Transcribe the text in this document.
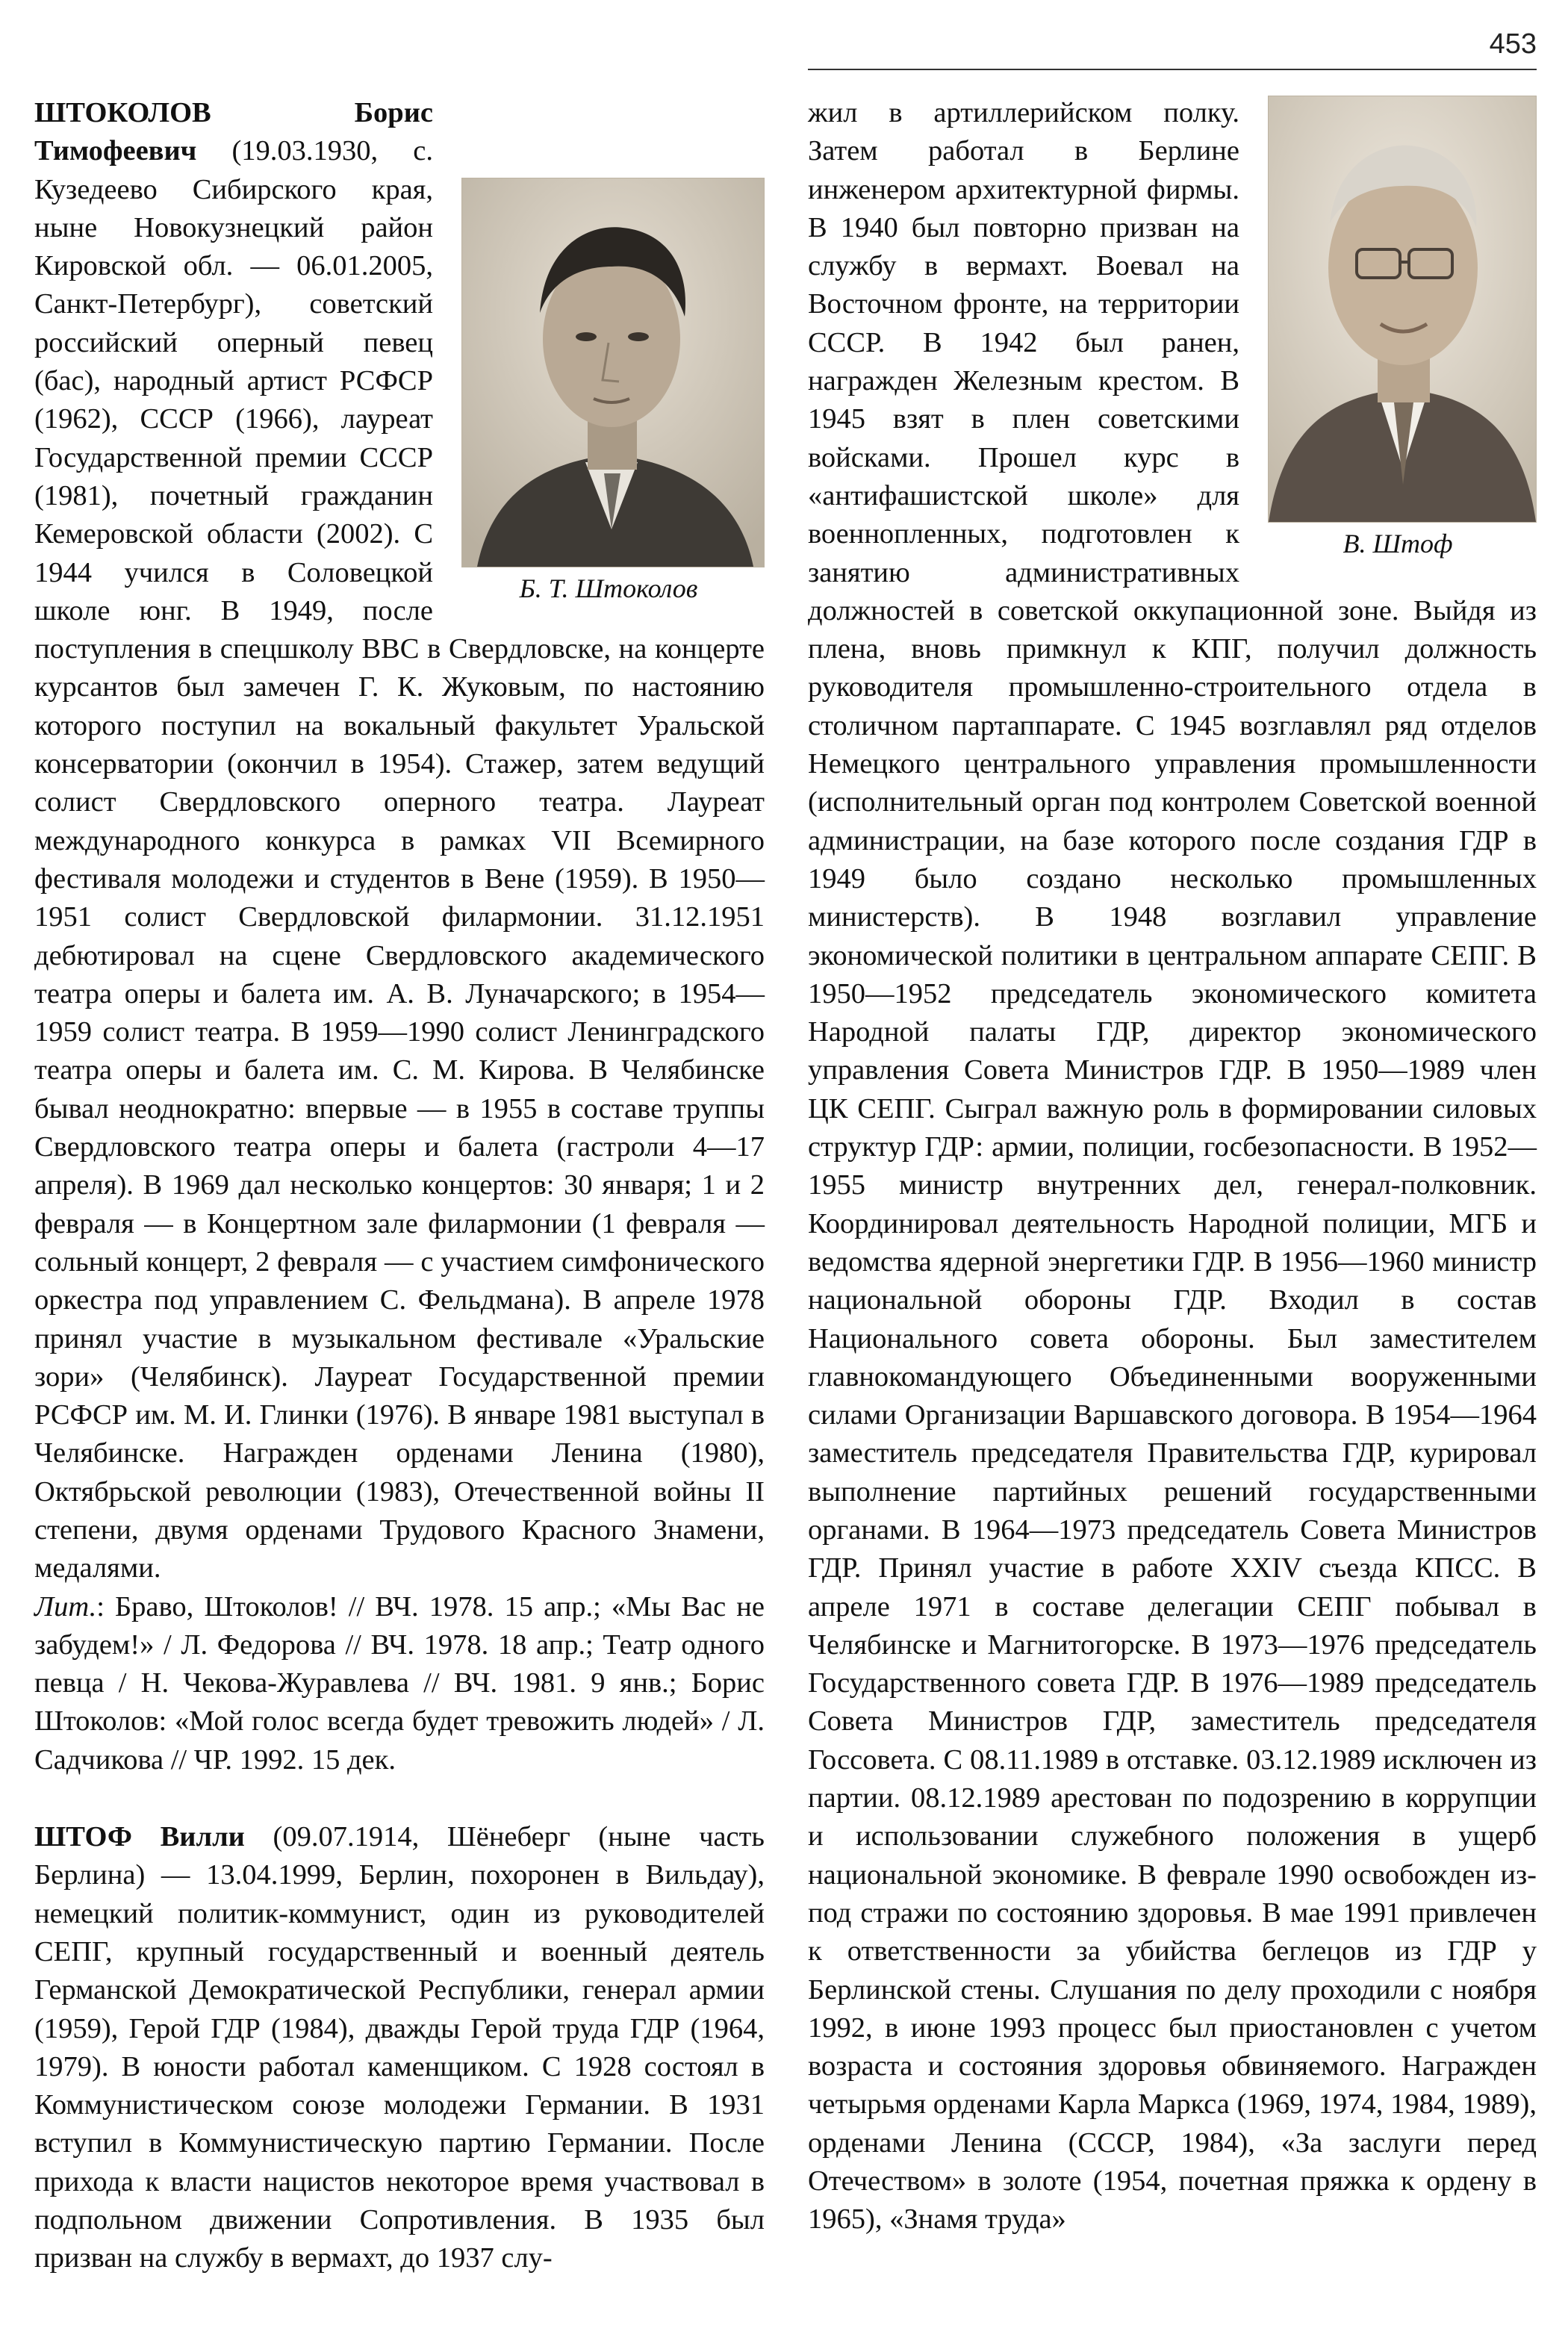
453
Б. Т. Штоколов

ШТОКОЛОВ Борис Тимофеевич (19.03.1930, с. Кузедеево Сибирского края, ныне Новокузнецкий район Кировской обл. — 06.01.2005, Санкт-Петербург), советский российский оперный певец (бас), народный артист РСФСР (1962), СССР (1966), лауреат Государственной премии СССР (1981), почетный гражданин Кемеровской области (2002). С 1944 учился в Соловецкой школе юнг. В 1949, после поступления в спецшколу ВВС в Свердловске, на концерте курсантов был замечен Г. К. Жуковым, по настоянию которого поступил на вокальный факультет Уральской консерватории (окончил в 1954). Стажер, затем ведущий солист Свердловского оперного театра. Лауреат международного конкурса в рамках VII Всемирного фестиваля молодежи и студентов в Вене (1959). В 1950—1951 солист Свердловской филармонии. 31.12.1951 дебютировал на сцене Свердловского академического театра оперы и балета им. А. В. Луначарского; в 1954—1959 солист театра. В 1959—1990 солист Ленинградского театра оперы и балета им. С. М. Кирова. В Челябинске бывал неоднократно: впервые — в 1955 в составе труппы Свердловского театра оперы и балета (гастроли 4—17 апреля). В 1969 дал несколько концертов: 30 января; 1 и 2 февраля — в Концертном зале филармонии (1 февраля — сольный концерт, 2 февраля — с участием симфонического оркестра под управлением С. Фельдмана). В апреле 1978 принял участие в музыкальном фестивале «Уральские зори» (Челябинск). Лауреат Государственной премии РСФСР им. М. И. Глинки (1976). В январе 1981 выступал в Челябинске. Награжден орденами Ленина (1980), Октябрьской революции (1983), Отечественной войны II степени, двумя орденами Трудового Красного Знамени, медалями.

Лит.: Браво, Штоколов! // ВЧ. 1978. 15 апр.; «Мы Вас не забудем!» / Л. Федорова // ВЧ. 1978. 18 апр.; Театр одного певца / Н. Чекова-Журавлева // ВЧ. 1981. 9 янв.; Борис Штоколов: «Мой голос всегда будет тревожить людей» / Л. Садчикова // ЧР. 1992. 15 дек.

ШТОФ Вилли (09.07.1914, Шёнеберг (ныне часть Берлина) — 13.04.1999, Берлин, похоронен в Вильдау), немецкий политик-коммунист, один из руководителей СЕПГ, крупный государственный и военный деятель Германской Демократической Республики, генерал армии (1959), Герой ГДР (1984), дважды Герой труда ГДР (1964, 1979). В юности работал каменщиком. С 1928 состоял в Коммунистическом союзе молодежи Германии. В 1931 вступил в Коммунистическую партию Германии. После прихода к власти нацистов некоторое время участвовал в подпольном движении Сопротивления. В 1935 был призван на службу в вермахт, до 1937 слу-

В. Штоф

жил в артиллерийском полку. Затем работал в Берлине инженером архитектурной фирмы. В 1940 был повторно призван на службу в вермахт. Воевал на Восточном фронте, на территории СССР. В 1942 был ранен, награжден Железным крестом. В 1945 взят в плен советскими войсками. Прошел курс в «антифашистской школе» для военнопленных, подготовлен к занятию административных должностей в советской оккупационной зоне. Выйдя из плена, вновь примкнул к КПГ, получил должность руководителя промышленно-строительного отдела в столичном партаппарате. С 1945 возглавлял ряд отделов Немецкого центрального управления промышленности (исполнительный орган под контролем Советской военной администрации, на базе которого после создания ГДР в 1949 было создано несколько промышленных министерств). В 1948 возглавил управление экономической политики в центральном аппарате СЕПГ. В 1950—1952 председатель экономического комитета Народной палаты ГДР, директор экономического управления Совета Министров ГДР. В 1950—1989 член ЦК СЕПГ. Сыграл важную роль в формировании силовых структур ГДР: армии, полиции, госбезопасности. В 1952—1955 министр внутренних дел, генерал-полковник. Координировал деятельность Народной полиции, МГБ и ведомства ядерной энергетики ГДР. В 1956—1960 министр национальной обороны ГДР. Входил в состав Национального совета обороны. Был заместителем главнокомандующего Объединенными вооруженными силами Организации Варшавского договора. В 1954—1964 заместитель председателя Правительства ГДР, курировал выполнение партийных решений государственными органами. В 1964—1973 председатель Совета Министров ГДР. Принял участие в работе XXIV съезда КПСС. В апреле 1971 в составе делегации СЕПГ побывал в Челябинске и Магнитогорске. В 1973—1976 председатель Государственного совета ГДР. В 1976—1989 председатель Совета Министров ГДР, заместитель председателя Госсовета. С 08.11.1989 в отставке. 03.12.1989 исключен из партии. 08.12.1989 арестован по подозрению в коррупции и использовании служебного положения в ущерб национальной экономике. В феврале 1990 освобожден из-под стражи по состоянию здоровья. В мае 1991 привлечен к ответственности за убийства беглецов из ГДР у Берлинской стены. Слушания по делу проходили с ноября 1992, в июне 1993 процесс был приостановлен с учетом возраста и состояния здоровья обвиняемого. Награжден четырьмя орденами Карла Маркса (1969, 1974, 1984, 1989), орденами Ленина (СССР, 1984), «За заслуги перед Отечеством» в золоте (1954, почетная пряжка к ордену в 1965), «Знамя труда»
